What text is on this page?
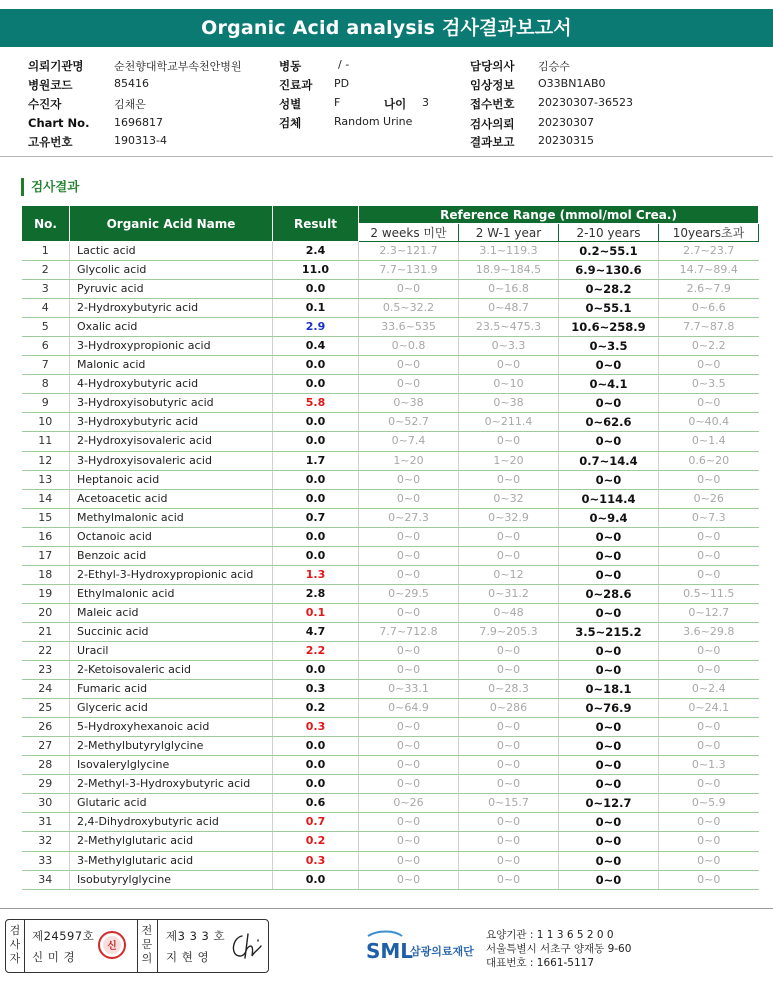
Organic Acid analysis 검사결과보고서
의뢰기관명	순천향대학교부속천안병원
병원코드	85416
수진자	김채은
Chart No. 1696817
고유번호	190313-4
병동	/ -
진료과 PD
성별	F	나이 3
검체	Random Urine
담당의사 김승수
임상정보 O33BN1AB0
접수번호 20230307-36523
검사의뢰 20230307
결과보고 20230315
검사결과
No.	Organic Acid Name	Result	Reference Range (mmol/mol Crea.)			
			2 weeks 미만	2 W-1 year	2-10 years	10years초과
1	Lactic acid	2.4	2.3~121.7	3.1~119.3	0.2~55.1	2.7~23.7
2	Glycolic acid	11.0	7.7~131.9	18.9~184.5	6.9~130.6	14.7~89.4
3	Pyruvic acid	0.0	0~0	0~16.8	0~28.2	2.6~7.9
4	2-Hydroxybutyric acid	0.1	0.5~32.2	0~48.7	0~55.1	0~6.6
5	Oxalic acid	2.9	33.6~535	23.5~475.3	10.6~258.9	7.7~87.8
6	3-Hydroxypropionic acid	0.4	0~0.8	0~3.3	0~3.5	0~2.2
7	Malonic acid	0.0	0~0	0~0	0~0	0~0
8	4-Hydroxybutyric acid	0.0	0~0	0~10	0~4.1	0~3.5
9	3-Hydroxyisobutyric acid	5.8	0~38	0~38	0~0	0~0
10	3-Hydroxybutyric acid	0.0	0~52.7	0~211.4	0~62.6	0~40.4
11	2-Hydroxyisovaleric acid	0.0	0~7.4	0~0	0~0	0~1.4
12	3-Hydroxyisovaleric acid	1.7	1~20	1~20	0.7~14.4	0.6~20
13	Heptanoic acid	0.0	0~0	0~0	0~0	0~0
14	Acetoacetic acid	0.0	0~0	0~32	0~114.4	0~26
15	Methylmalonic acid	0.7	0~27.3	0~32.9	0~9.4	0~7.3
16	Octanoic acid	0.0	0~0	0~0	0~0	0~0
17	Benzoic acid	0.0	0~0	0~0	0~0	0~0
18	2-Ethyl-3-Hydroxypropionic acid	1.3	0~0	0~12	0~0	0~0
19	Ethylmalonic acid	2.8	0~29.5	0~31.2	0~28.6	0.5~11.5
20	Maleic acid	0.1	0~0	0~48	0~0	0~12.7
21	Succinic acid	4.7	7.7~712.8	7.9~205.3	3.5~215.2	3.6~29.8
22	Uracil	2.2	0~0	0~0	0~0	0~0
23	2-Ketoisovaleric acid	0.0	0~0	0~0	0~0	0~0
24	Fumaric acid	0.3	0~33.1	0~28.3	0~18.1	0~2.4
25	Glyceric acid	0.2	0~64.9	0~286	0~76.9	0~24.1
26	5-Hydroxyhexanoic acid	0.3	0~0	0~0	0~0	0~0
27	2-Methylbutyrylglycine	0.0	0~0	0~0	0~0	0~0
28	Isovalerylglycine	0.0	0~0	0~0	0~0	0~1.3
29	2-Methyl-3-Hydroxybutyric acid	0.0	0~0	0~0	0~0	0~0
30	Glutaric acid	0.6	0~26	0~15.7	0~12.7	0~5.9
31	2,4-Dihydroxybutyric acid	0.7	0~0	0~0	0~0	0~0
32	2-Methylglutaric acid	0.2	0~0	0~0	0~0	0~0
33	3-Methylglutaric acid	0.3	0~0	0~0	0~0	0~0
34	Isobutyrylglycine	0.0	0~0	0~0	0~0	0~0
검사자
제24597호
신 미 경
신
전문의
제3 3 3 호
지 현 영	SML
삼광의료재단
요양기관 : 1 1 3 6 5 2 0 0
서울특별시 서초구 양재동 9-60
대표번호 : 1661-5117
